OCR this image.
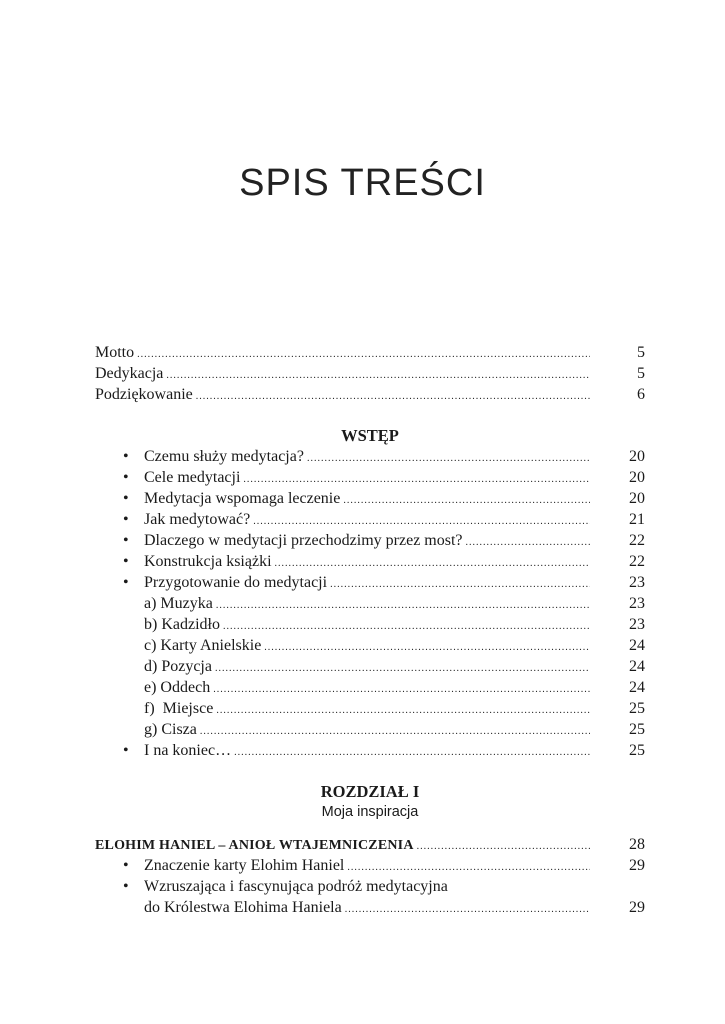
SPIS TREŚCI
Motto .....	5
Dedykacja .....	5
Podziękowanie .....	6
WSTĘP
• Czemu służy medytacja? .....	20
• Cele medytacji .....	20
• Medytacja wspomaga leczenie .....	20
• Jak medytować? .....	21
• Dlaczego w medytacji przechodzimy przez most? .....	22
• Konstrukcja książki .....	22
• Przygotowanie do medytacji .....	23
a) Muzyka .....	23
b) Kadzidło .....	23
c) Karty Anielskie .....	24
d) Pozycja .....	24
e) Oddech .....	24
f)  Miejsce .....	25
g) Cisza .....	25
• I na koniec… .....	25
ROZDZIAŁ I
Moja inspiracja
ELOHIM HANIEL – ANIOŁ WTAJEMNICZENIA .....	28
• Znaczenie karty Elohim Haniel .....	29
• Wzruszająca i fascynująca podróż medytacyjna
do Królestwa Elohima Haniela .....	29
